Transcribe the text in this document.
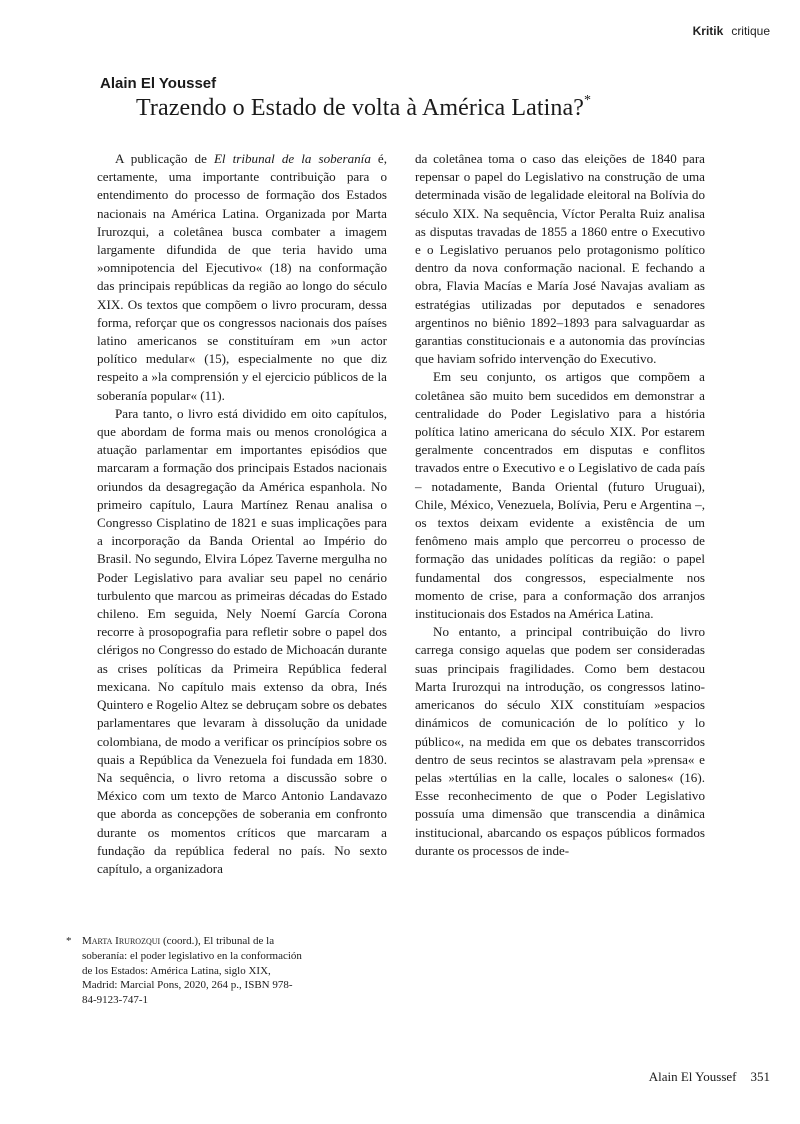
Kritik critique
Alain El Youssef
Trazendo o Estado de volta à América Latina?*

A publicação de El tribunal de la soberanía é, certamente, uma importante contribuição para o entendimento do processo de formação dos Estados nacionais na América Latina. Organizada por Marta Irurozqui, a coletânea busca combater a imagem largamente difundida de que teria havido uma »omnipotencia del Ejecutivo« (18) na conformação das principais repúblicas da região ao longo do século XIX. Os textos que compõem o livro procuram, dessa forma, reforçar que os congressos nacionais dos países latino americanos se constituíram em »un actor político medular« (15), especialmente no que diz respeito a »la comprensión y el ejercicio públicos de la soberanía popular« (11).

Para tanto, o livro está dividido em oito capítulos, que abordam de forma mais ou menos cronológica a atuação parlamentar em importantes episódios que marcaram a formação dos principais Estados nacionais oriundos da desagregação da América espanhola. No primeiro capítulo, Laura Martínez Renau analisa o Congresso Cisplatino de 1821 e suas implicações para a incorporação da Banda Oriental ao Império do Brasil. No segundo, Elvira López Taverne mergulha no Poder Legislativo para avaliar seu papel no cenário turbulento que marcou as primeiras décadas do Estado chileno. Em seguida, Nely Noemí García Corona recorre à prosopografia para refletir sobre o papel dos clérigos no Congresso do estado de Michoacán durante as crises políticas da Primeira República federal mexicana. No capítulo mais extenso da obra, Inés Quintero e Rogelio Altez se debruçam sobre os debates parlamentares que levaram à dissolução da unidade colombiana, de modo a verificar os princípios sobre os quais a República da Venezuela foi fundada em 1830. Na sequência, o livro retoma a discussão sobre o México com um texto de Marco Antonio Landavazo que aborda as concepções de soberania em confronto durante os momentos críticos que marcaram a fundação da república federal no país. No sexto capítulo, a organizadora

da coletânea toma o caso das eleições de 1840 para repensar o papel do Legislativo na construção de uma determinada visão de legalidade eleitoral na Bolívia do século XIX. Na sequência, Víctor Peralta Ruiz analisa as disputas travadas de 1855 a 1860 entre o Executivo e o Legislativo peruanos pelo protagonismo político dentro da nova conformação nacional. E fechando a obra, Flavia Macías e María José Navajas avaliam as estratégias utilizadas por deputados e senadores argentinos no biênio 1892–1893 para salvaguardar as garantias constitucionais e a autonomia das províncias que haviam sofrido intervenção do Executivo.

Em seu conjunto, os artigos que compõem a coletânea são muito bem sucedidos em demonstrar a centralidade do Poder Legislativo para a história política latino americana do século XIX. Por estarem geralmente concentrados em disputas e conflitos travados entre o Executivo e o Legislativo de cada país – notadamente, Banda Oriental (futuro Uruguai), Chile, México, Venezuela, Bolívia, Peru e Argentina –, os textos deixam evidente a existência de um fenômeno mais amplo que percorreu o processo de formação das unidades políticas da região: o papel fundamental dos congressos, especialmente nos momento de crise, para a conformação dos arranjos institucionais dos Estados na América Latina.

No entanto, a principal contribuição do livro carrega consigo aquelas que podem ser consideradas suas principais fragilidades. Como bem destacou Marta Irurozqui na introdução, os congressos latino-americanos do século XIX constituíam »espacios dinámicos de comunicación de lo político y lo público«, na medida em que os debates transcorridos dentro de seus recintos se alastravam pela »prensa« e pelas »tertúlias en la calle, locales o salones« (16). Esse reconhecimento de que o Poder Legislativo possuía uma dimensão que transcendia a dinâmica institucional, abarcando os espaços públicos formados durante os processos de inde-

* Marta Irurozqui (coord.), El tribunal de la soberanía: el poder legislativo en la conformación de los Estados: América Latina, siglo XIX, Madrid: Marcial Pons, 2020, 264 p., ISBN 978-84-9123-747-1
Alain El Youssef 351
